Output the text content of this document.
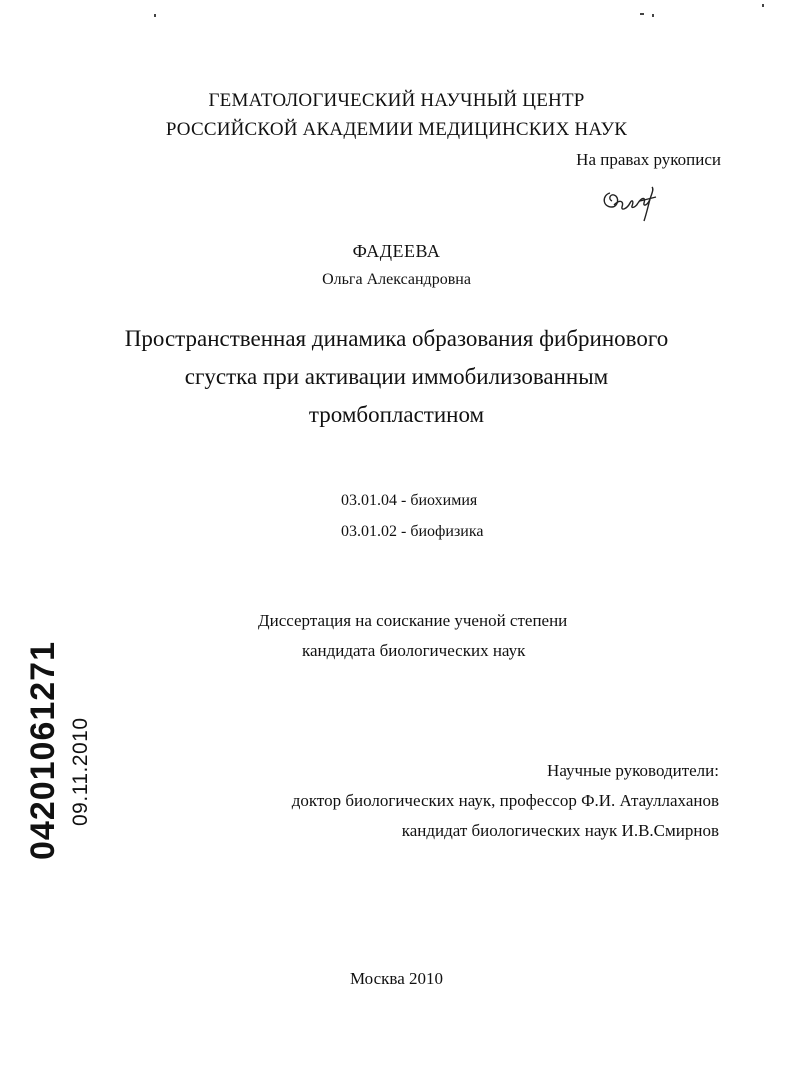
ГЕМАТОЛОГИЧЕСКИЙ НАУЧНЫЙ ЦЕНТР
РОССИЙСКОЙ АКАДЕМИИ МЕДИЦИНСКИХ НАУК
На правах рукописи
ФАДЕЕВА
Ольга Александровна
Пространственная динамика образования фибринового
сгустка при активации иммобилизованным
тромбопластином
03.01.04 - биохимия
03.01.02 - биофизика
Диссертация на соискание ученой степени
кандидата биологических наук
Научные руководители:
доктор биологических наук, профессор Ф.И. Атауллаханов
кандидат биологических наук И.В.Смирнов
Москва 2010
04201061271 09.11.2010
